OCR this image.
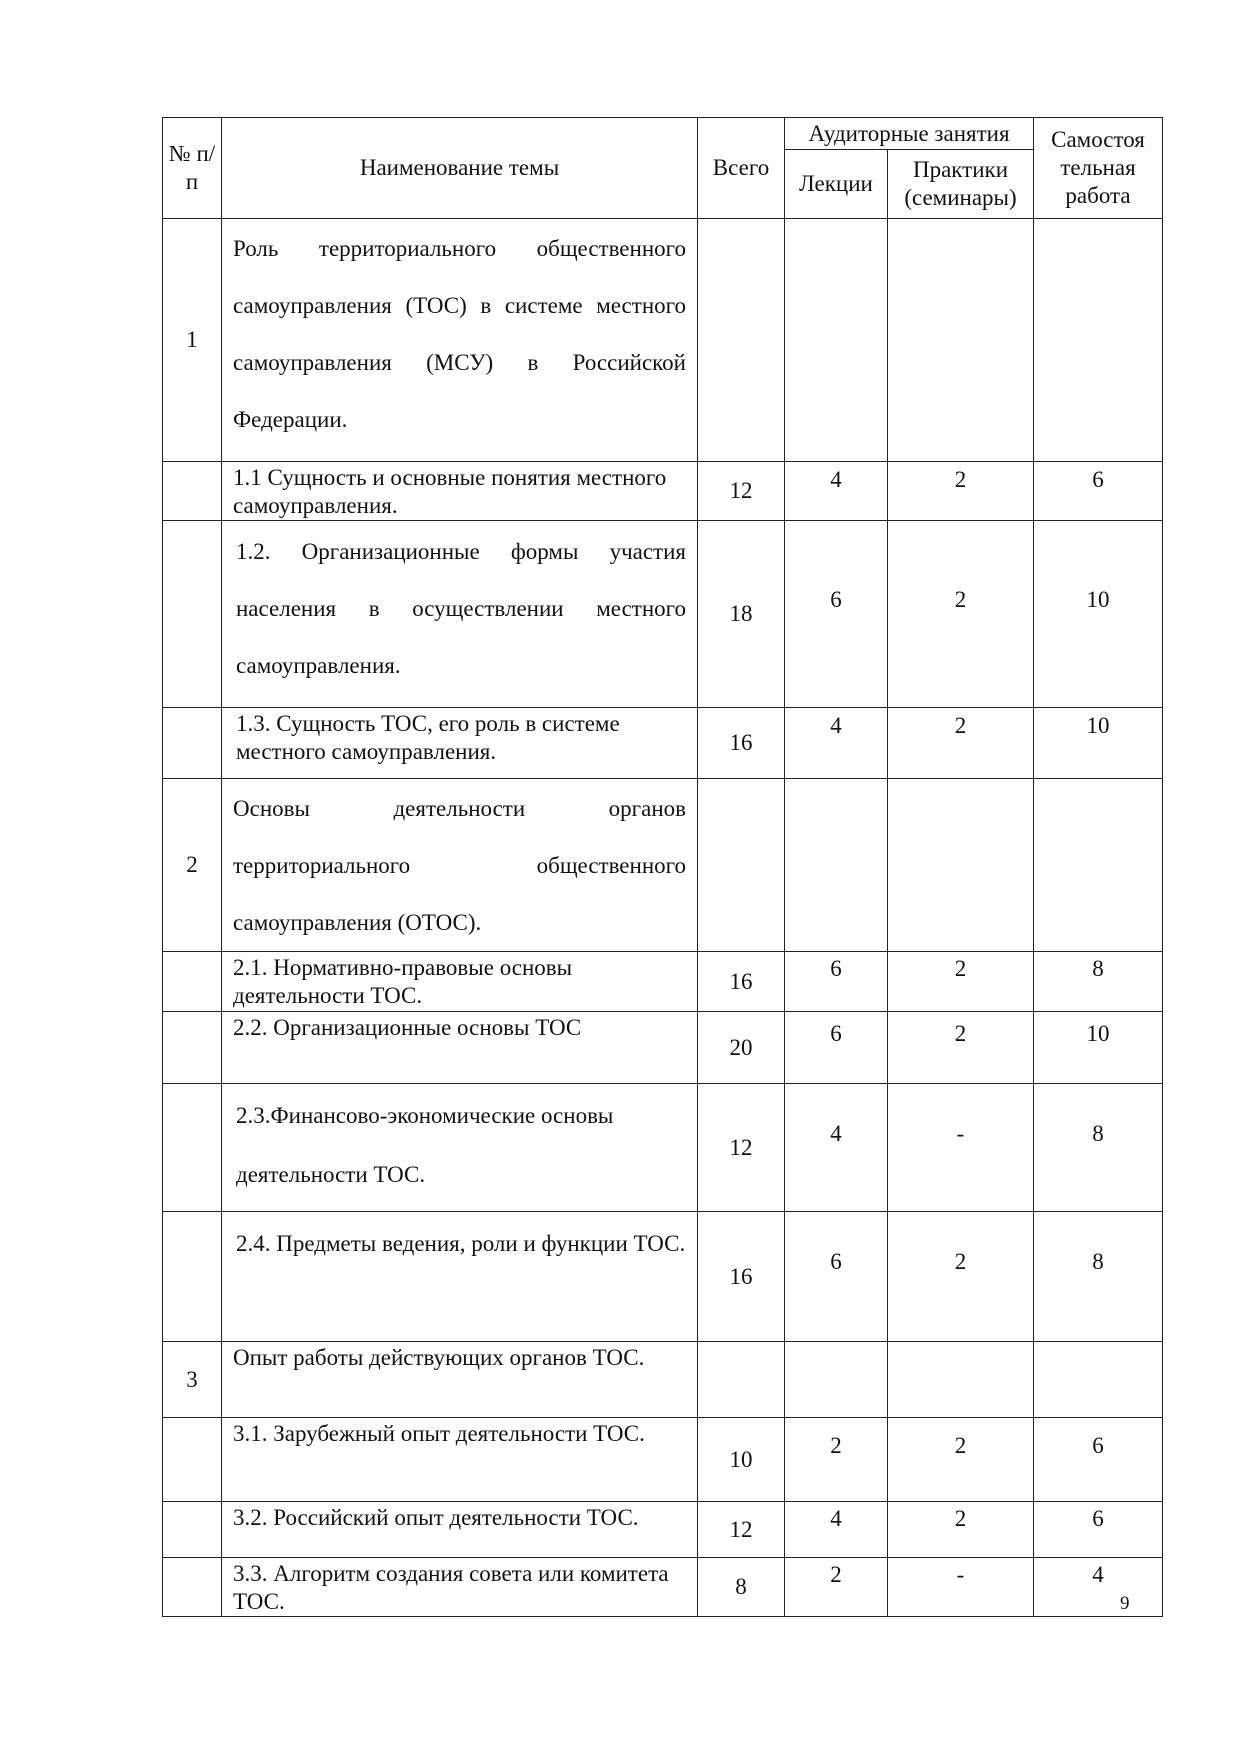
№ п/п	Наименование темы	Всего	Аудиторные занятия		Самостоя тельная работа
			Лекции	Практики (семинары)	
1	Роль территориального общественного самоуправления (ТОС) в системе местного самоуправления (МСУ) в Российской Федерации.				
	1.1 Сущность и основные понятия местного самоуправления.	12	4	2	6
	1.2. Организационные формы участия населения в осуществлении местного самоуправления.	18	6	2	10
	1.3. Сущность ТОС, его роль в системе местного самоуправления.	16	4	2	10
2	Основы деятельности органов территориального общественного самоуправления (ОТОС).				
	2.1. Нормативно-правовые основы деятельности ТОС.	16	6	2	8
	2.2. Организационные основы ТОС	20	6	2	10
	2.3.Финансово-экономические основы деятельности ТОС.	12	4	-	8
	2.4. Предметы ведения, роли и функции ТОС.	16	6	2	8
3	Опыт работы действующих органов ТОС.				
	3.1. Зарубежный опыт деятельности ТОС.	10	2	2	6
	3.2. Российский опыт деятельности ТОС.	12	4	2	6
	3.3. Алгоритм создания совета или комитета ТОС.	8	2	-	4
9
